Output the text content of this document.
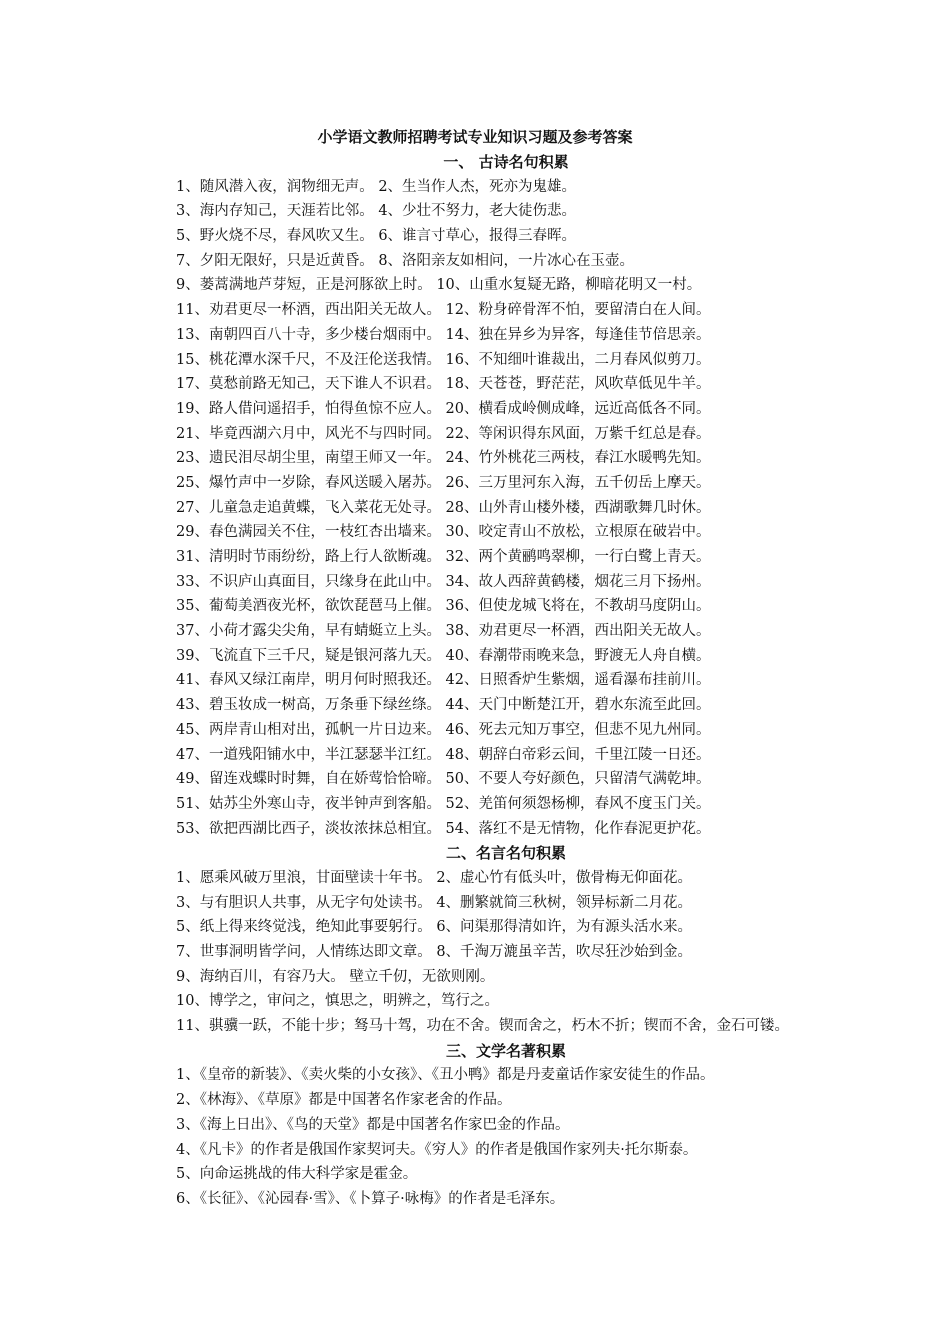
小学语文教师招聘考试专业知识习题及参考答案
一、 古诗名句积累
1、随风潜入夜，润物细无声。 2、生当作人杰，死亦为鬼雄。
3、海内存知己，天涯若比邻。 4、少壮不努力，老大徒伤悲。
5、野火烧不尽，春风吹又生。 6、谁言寸草心，报得三春晖。
7、夕阳无限好，只是近黄昏。 8、洛阳亲友如相问，一片冰心在玉壶。
9、蒌蒿满地芦芽短，正是河豚欲上时。 10、山重水复疑无路，柳暗花明又一村。
11、劝君更尽一杯酒，西出阳关无故人。 12、粉身碎骨浑不怕，要留清白在人间。
13、南朝四百八十寺，多少楼台烟雨中。 14、独在异乡为异客，每逢佳节倍思亲。
15、桃花潭水深千尺，不及汪伦送我情。 16、不知细叶谁裁出，二月春风似剪刀。
17、莫愁前路无知己，天下谁人不识君。 18、天苍苍，野茫茫，风吹草低见牛羊。
19、路人借问遥招手，怕得鱼惊不应人。 20、横看成岭侧成峰，远近高低各不同。
21、毕竟西湖六月中，风光不与四时同。 22、等闲识得东风面，万紫千红总是春。
23、遗民泪尽胡尘里，南望王师又一年。 24、竹外桃花三两枝，春江水暖鸭先知。
25、爆竹声中一岁除，春风送暖入屠苏。 26、三万里河东入海，五千仞岳上摩天。
27、儿童急走追黄蝶，飞入菜花无处寻。 28、山外青山楼外楼，西湖歌舞几时休。
29、春色满园关不住，一枝红杏出墙来。 30、咬定青山不放松，立根原在破岩中。
31、清明时节雨纷纷，路上行人欲断魂。 32、两个黄鹂鸣翠柳，一行白鹭上青天。
33、不识庐山真面目，只缘身在此山中。 34、故人西辞黄鹤楼，烟花三月下扬州。
35、葡萄美酒夜光杯，欲饮琵琶马上催。 36、但使龙城飞将在，不教胡马度阴山。
37、小荷才露尖尖角，早有蜻蜓立上头。 38、劝君更尽一杯酒，西出阳关无故人。
39、飞流直下三千尺，疑是银河落九天。 40、春潮带雨晚来急，野渡无人舟自横。
41、春风又绿江南岸，明月何时照我还。 42、日照香炉生紫烟，遥看瀑布挂前川。
43、碧玉妆成一树高，万条垂下绿丝绦。 44、天门中断楚江开，碧水东流至此回。
45、两岸青山相对出，孤帆一片日边来。 46、死去元知万事空，但悲不见九州同。
47、一道残阳铺水中，半江瑟瑟半江红。 48、朝辞白帝彩云间，千里江陵一日还。
49、留连戏蝶时时舞，自在娇莺恰恰啼。 50、不要人夸好颜色，只留清气满乾坤。
51、姑苏尘外寒山寺，夜半钟声到客船。 52、羌笛何须怨杨柳，春风不度玉门关。
53、欲把西湖比西子，淡妆浓抹总相宜。 54、落红不是无情物，化作春泥更护花。
二、名言名句积累
1、愿乘风破万里浪，甘面壁读十年书。 2、虚心竹有低头叶，傲骨梅无仰面花。
3、与有胆识人共事，从无字句处读书。 4、删繁就简三秋树，领异标新二月花。
5、纸上得来终觉浅，绝知此事要躬行。 6、问渠那得清如许，为有源头活水来。
7、世事洞明皆学问，人情练达即文章。 8、千淘万漉虽辛苦，吹尽狂沙始到金。
9、海纳百川，有容乃大。 壁立千仞，无欲则刚。
10、博学之，审问之，慎思之，明辨之，笃行之。
11、骐骥一跃，不能十步；驽马十驾，功在不舍。锲而舍之，朽木不折；锲而不舍，金石可镂。
三、文学名著积累
1、《皇帝的新装》、《卖火柴的小女孩》、《丑小鸭》都是丹麦童话作家安徒生的作品。
2、《林海》、《草原》都是中国著名作家老舍的作品。
3、《海上日出》、《鸟的天堂》都是中国著名作家巴金的作品。
4、《凡卡》的作者是俄国作家契诃夫。《穷人》的作者是俄国作家列夫·托尔斯泰。
5、向命运挑战的伟大科学家是霍金。
6、《长征》、《沁园春·雪》、《卜算子·咏梅》的作者是毛泽东。
